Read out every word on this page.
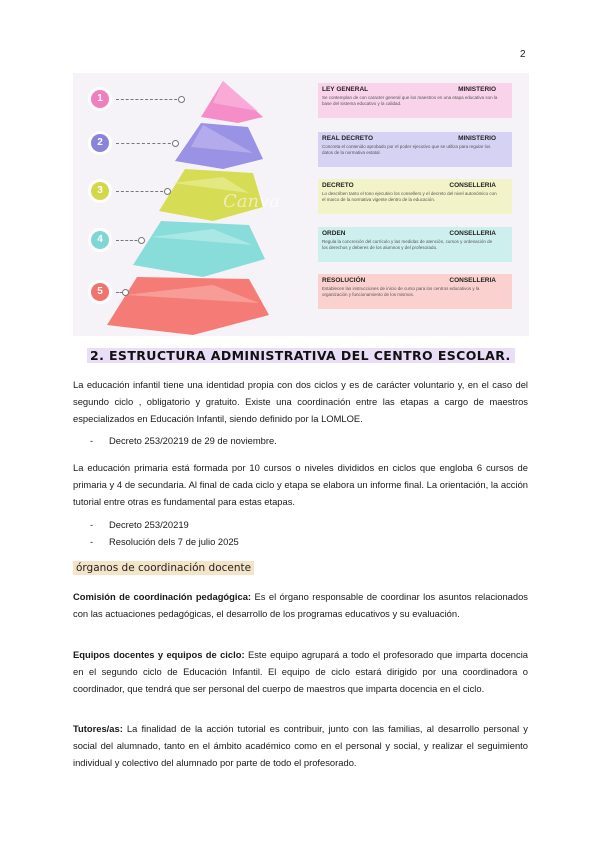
2
Canva
1
2
3
4
5
LEY GENERAL	MINISTERIO
Se contemplan de con caracter general que los maestros en una etapa educativa son la base del sistema educativo y la calidad.
REAL DECRETO	MINISTERIO
Concreta el contenido aprobado por el poder ejecutivo que se utiliza para regular los datos de la normativa estatal.
DECRETO	CONSELLERIA
Lo describen tanto el tono ejecutivo los consellers y el decreto del nivel autonómico con el marco de la normativa vigente dentro de la educación.
ORDEN	CONSELLERIA
Regula la concreción del currículo y las medidas de atención, cursos y ordenación de los derechos y deberes de los alumnos y del profesorado.
RESOLUCIÓN	CONSELLERIA
Establecen las instrucciones de inicio de curso para los centros educativos y la organización y funcionamiento de los mismos.
2. ESTRUCTURA ADMINISTRATIVA DEL CENTRO ESCOLAR.

La educación infantil tiene una identidad propia con dos ciclos y es de carácter voluntario y, en el caso del segundo ciclo , obligatorio y gratuito. Existe una coordinación entre las etapas a cargo de maestros especializados en Educación Infantil, siendo definido por la LOMLOE.

- Decreto 253/20219 de 29 de noviembre.

La educación primaria está formada por 10 cursos o niveles divididos en ciclos que engloba 6 cursos de primaria y 4 de secundaria. Al final de cada ciclo y etapa se elabora un informe final. La orientación, la acción tutorial entre otras es fundamental para estas etapas.

- Decreto 253/20219
- Resolución dels 7 de julio 2025
órganos de coordinación docente

Comisión de coordinación pedagógica: Es el órgano responsable de coordinar los asuntos relacionados con las actuaciones pedagógicas, el desarrollo de los programas educativos y su evaluación.

Equipos docentes y equipos de ciclo: Este equipo agrupará a todo el profesorado que imparta docencia en el segundo ciclo de Educación Infantil. El equipo de ciclo estará dirigido por una coordinadora o coordinador, que tendrá que ser personal del cuerpo de maestros que imparta docencia en el ciclo.

Tutores/as: La finalidad de la acción tutorial es contribuir, junto con las familias, al desarrollo personal y social del alumnado, tanto en el ámbito académico como en el personal y social, y realizar el seguimiento individual y colectivo del alumnado por parte de todo el profesorado.
